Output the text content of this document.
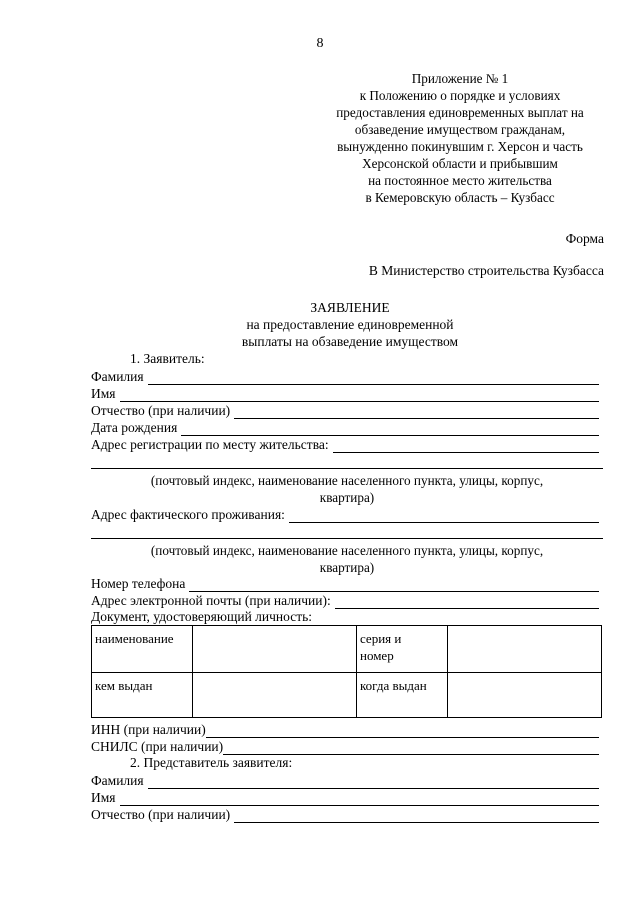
8
Приложение № 1
к Положению о порядке и условиях
предоставления единовременных выплат на
обзаведение имуществом гражданам,
вынужденно покинувшим г. Херсон и часть
Херсонской области и прибывшим
на постоянное место жительства
в Кемеровскую область – Кузбасс
Форма
В Министерство строительства Кузбасса
ЗАЯВЛЕНИЕ
на предоставление единовременной
выплаты на обзаведение имуществом
1. Заявитель:
Фамилия
Имя
Отчество (при наличии)
Дата рождения
Адрес регистрации по месту жительства:
(почтовый индекс, наименование населенного пункта, улицы, корпус,
квартира)
Адрес фактического проживания:
(почтовый индекс, наименование населенного пункта, улицы, корпус,
квартира)
Номер телефона
Адрес электронной почты (при наличии):
Документ, удостоверяющий личность:
наименование		серия и
номер	

кем выдан		когда выдан	
ИНН (при наличии)
СНИЛС (при наличии)
2. Представитель заявителя:
Фамилия
Имя
Отчество (при наличии)
